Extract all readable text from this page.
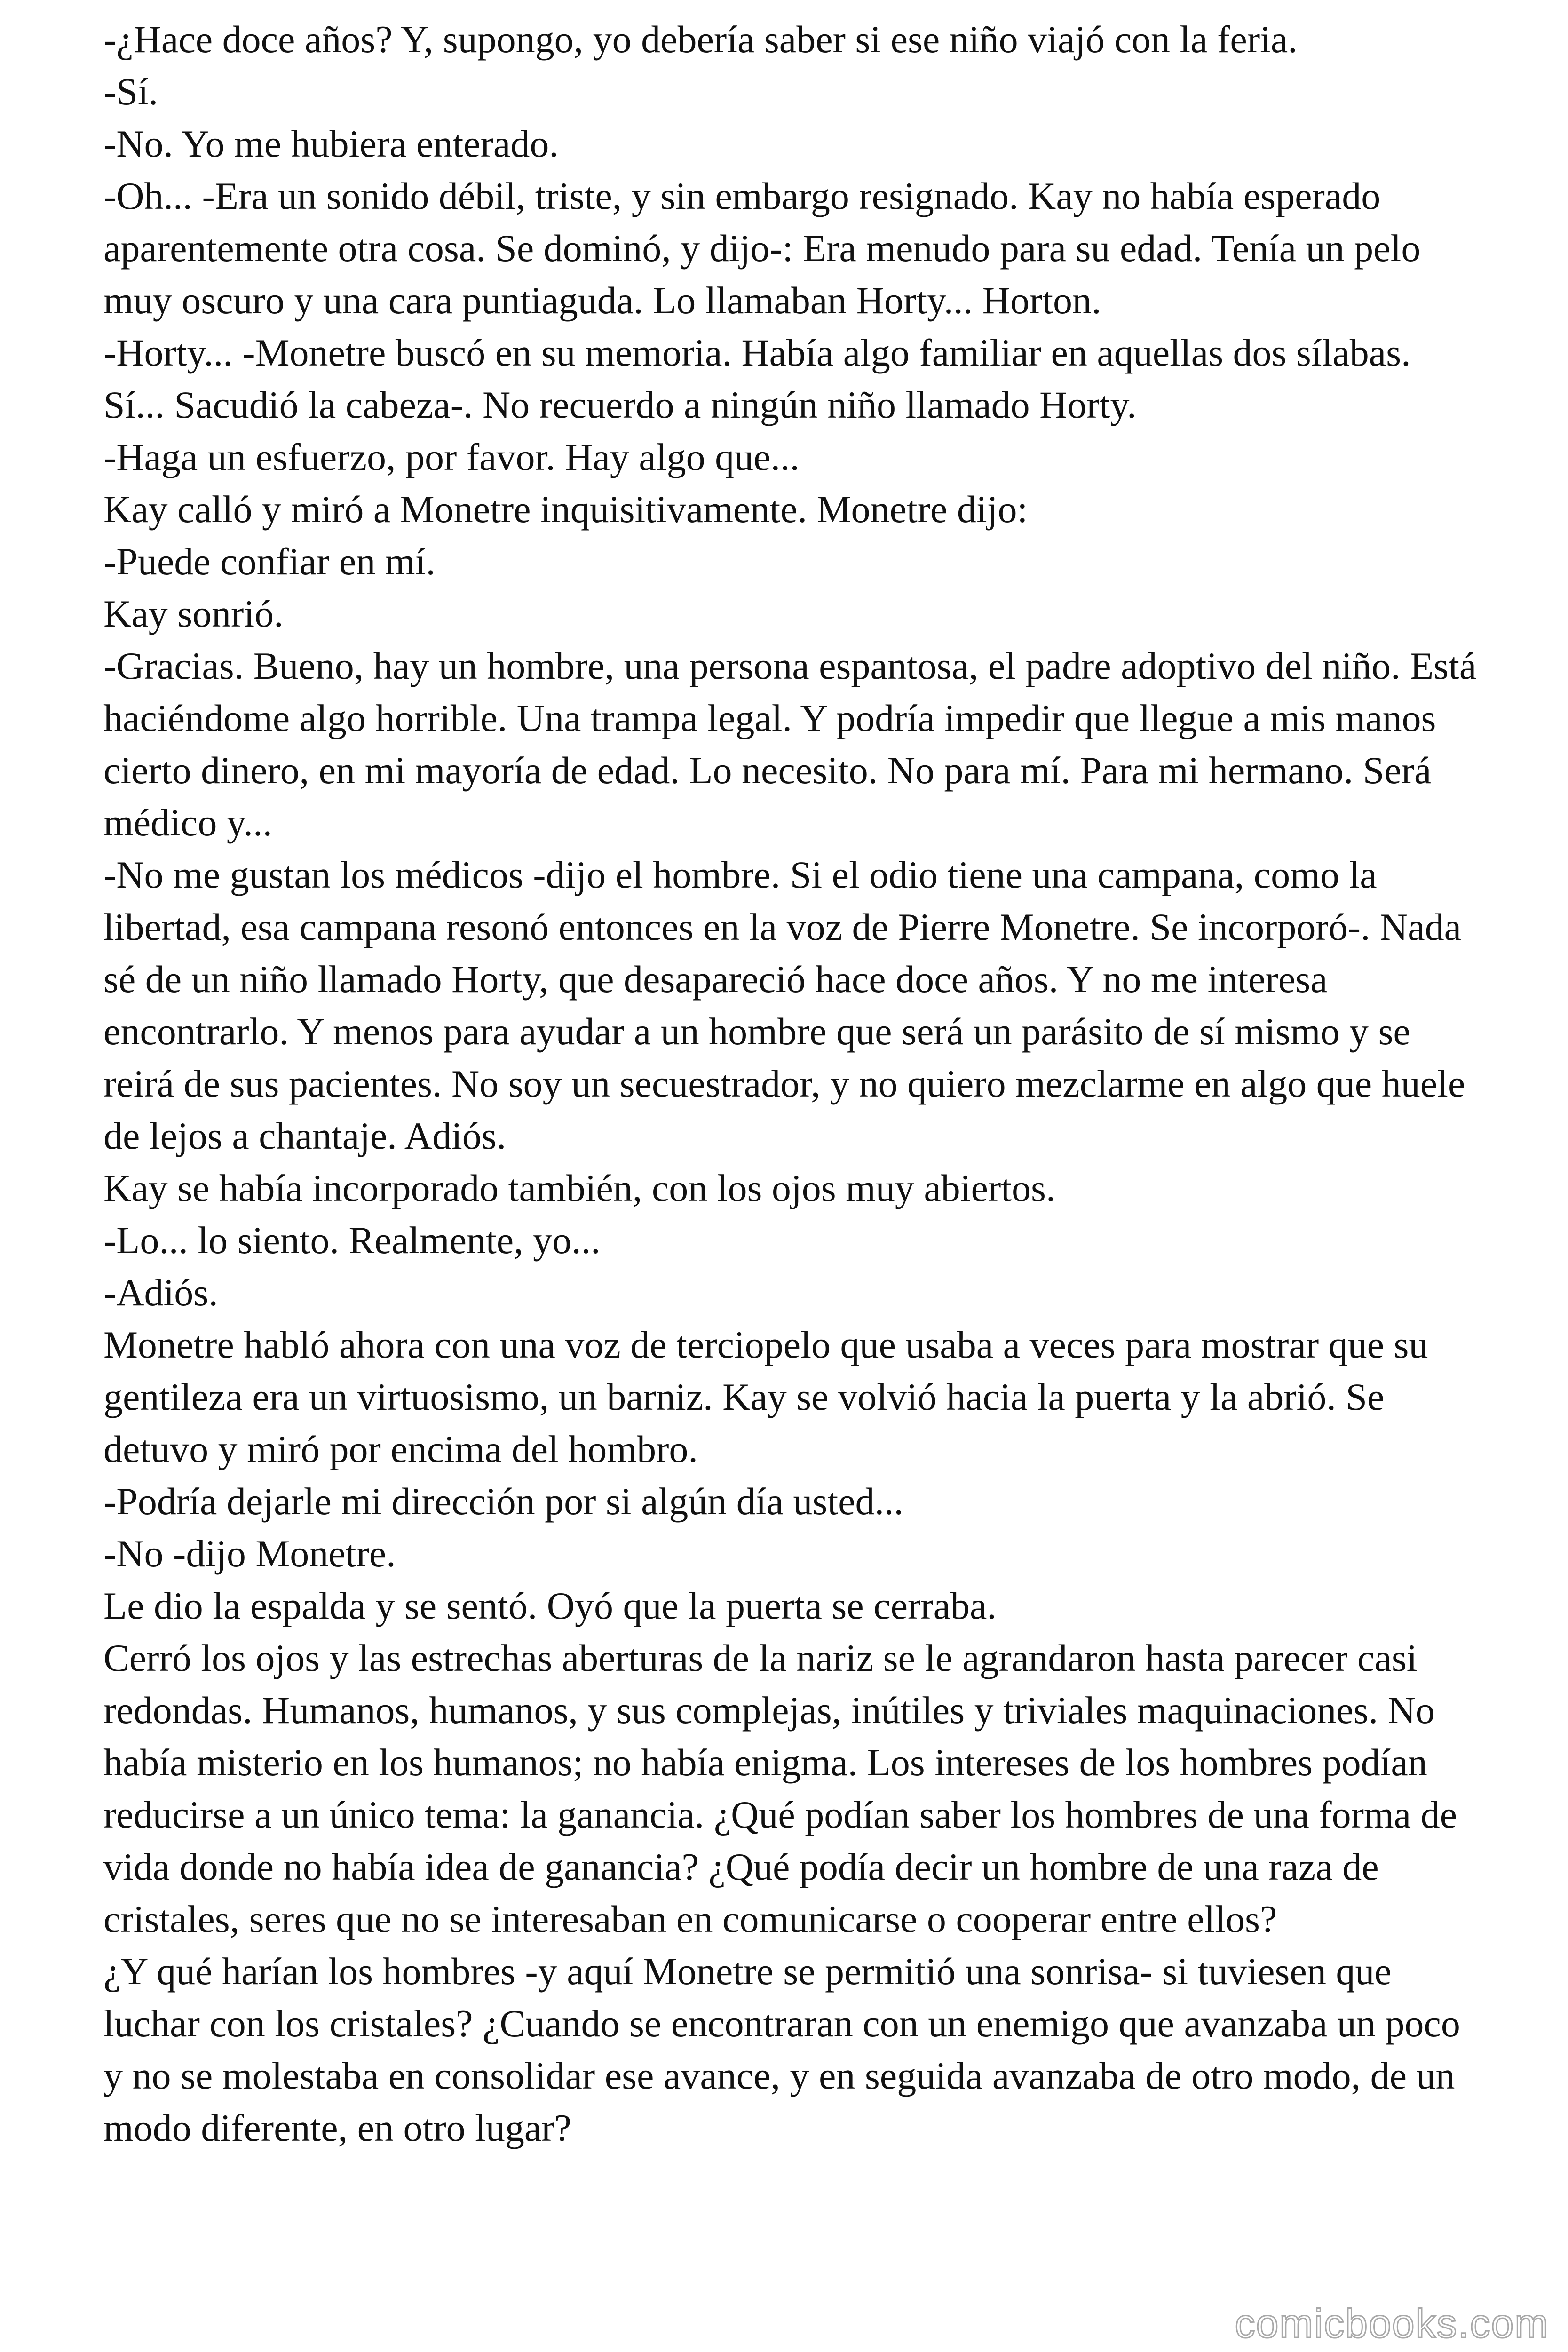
-¿Hace doce años? Y, supongo, yo debería saber si ese niño viajó con la feria.

-Sí.

-No. Yo me hubiera enterado.

-Oh... -Era un sonido débil, triste, y sin embargo resignado. Kay no había esperado aparentemente otra cosa. Se dominó, y dijo-: Era menudo para su edad. Tenía un pelo muy oscuro y una cara puntiaguda. Lo llamaban Horty... Horton.

-Horty... -Monetre buscó en su memoria. Había algo familiar en aquellas dos sílabas. Sí... Sacudió la cabeza-. No recuerdo a ningún niño llamado Horty.

-Haga un esfuerzo, por favor. Hay algo que...

Kay calló y miró a Monetre inquisitivamente. Monetre dijo:

-Puede confiar en mí.

Kay sonrió.

-Gracias. Bueno, hay un hombre, una persona espantosa, el padre adoptivo del niño. Está haciéndome algo horrible. Una trampa legal. Y podría impedir que llegue a mis manos cierto dinero, en mi mayoría de edad. Lo necesito. No para mí. Para mi hermano. Será médico y...

-No me gustan los médicos -dijo el hombre. Si el odio tiene una campana, como la libertad, esa campana resonó entonces en la voz de Pierre Monetre. Se incorporó-. Nada sé de un niño llamado Horty, que desapareció hace doce años. Y no me interesa encontrarlo. Y menos para ayudar a un hombre que será un parásito de sí mismo y se reirá de sus pacientes. No soy un secuestrador, y no quiero mezclarme en algo que huele de lejos a chantaje. Adiós.

Kay se había incorporado también, con los ojos muy abiertos.

-Lo... lo siento. Realmente, yo...

-Adiós.

Monetre habló ahora con una voz de terciopelo que usaba a veces para mostrar que su gentileza era un virtuosismo, un barniz. Kay se volvió hacia la puerta y la abrió. Se detuvo y miró por encima del hombro.

-Podría dejarle mi dirección por si algún día usted...

-No -dijo Monetre.

Le dio la espalda y se sentó. Oyó que la puerta se cerraba.

Cerró los ojos y las estrechas aberturas de la nariz se le agrandaron hasta parecer casi redondas. Humanos, humanos, y sus complejas, inútiles y triviales maquinaciones. No había misterio en los humanos; no había enigma. Los intereses de los hombres podían reducirse a un único tema: la ganancia. ¿Qué podían saber los hombres de una forma de vida donde no había idea de ganancia? ¿Qué podía decir un hombre de una raza de cristales, seres que no se interesaban en comunicarse o cooperar entre ellos?

¿Y qué harían los hombres -y aquí Monetre se permitió una sonrisa- si tuviesen que luchar con los cristales? ¿Cuando se encontraran con un enemigo que avanzaba un poco y no se molestaba en consolidar ese avance, y en seguida avanzaba de otro modo, de un modo diferente, en otro lugar?

comicbooks.com
